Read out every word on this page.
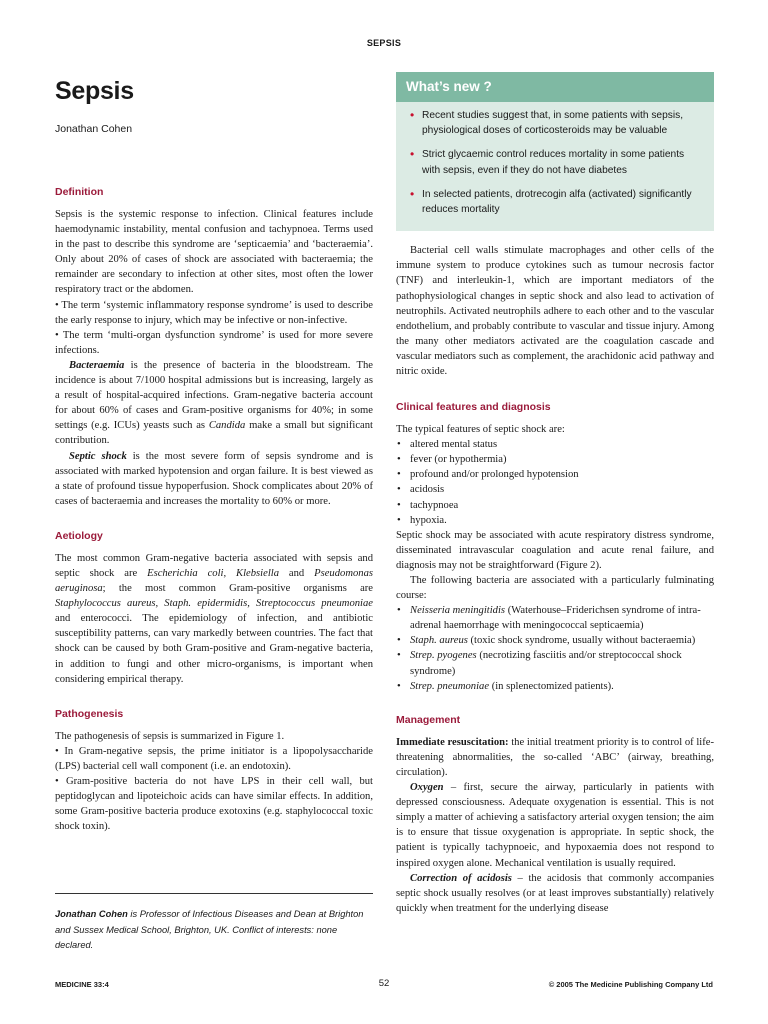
SEPSIS
Sepsis
Jonathan Cohen
Definition

Sepsis is the systemic response to infection. Clinical features include haemodynamic instability, mental confusion and tachypnoea. Terms used in the past to describe this syndrome are ‘septicaemia’ and ‘bacteraemia’. Only about 20% of cases of shock are associated with bacteraemia; the remainder are secondary to infection at other sites, most often the lower respiratory tract or the abdomen.

• The term ‘systemic inflammatory response syndrome’ is used to describe the early response to injury, which may be infective or non-infective.

• The term ‘multi-organ dysfunction syndrome’ is used for more severe infections.

Bacteraemia is the presence of bacteria in the bloodstream. The incidence is about 7/1000 hospital admissions but is increasing, largely as a result of hospital-acquired infections. Gram-negative bacteria account for about 60% of cases and Gram-positive organisms for 40%; in some settings (e.g. ICUs) yeasts such as Candida make a small but significant contribution.

Septic shock is the most severe form of sepsis syndrome and is associated with marked hypotension and organ failure. It is best viewed as a state of profound tissue hypoperfusion. Shock complicates about 20% of cases of bacteraemia and increases the mortality to 60% or more.

Aetiology

The most common Gram-negative bacteria associated with sepsis and septic shock are Escherichia coli, Klebsiella and Pseudomonas aeruginosa; the most common Gram-positive organisms are Staphylococcus aureus, Staph. epidermidis, Streptococcus pneumoniae and enterococci. The epidemiology of infection, and antibiotic susceptibility patterns, can vary markedly between countries. The fact that shock can be caused by both Gram-positive and Gram-negative bacteria, in addition to fungi and other micro-organisms, is important when considering empirical therapy.

Pathogenesis

The pathogenesis of sepsis is summarized in Figure 1.

• In Gram-negative sepsis, the prime initiator is a lipopolysaccharide (LPS) bacterial cell wall component (i.e. an endotoxin).

• Gram-positive bacteria do not have LPS in their cell wall, but peptidoglycan and lipoteichoic acids can have similar effects. In addition, some Gram-positive bacteria produce exotoxins (e.g. staphylococcal toxic shock toxin).

Jonathan Cohen is Professor of Infectious Diseases and Dean at Brighton and Sussex Medical School, Brighton, UK. Conflict of interests: none declared.
What’s new ?
• Recent studies suggest that, in some patients with sepsis, physiological doses of corticosteroids may be valuable
• Strict glycaemic control reduces mortality in some patients with sepsis, even if they do not have diabetes
• In selected patients, drotrecogin alfa (activated) significantly reduces mortality

Bacterial cell walls stimulate macrophages and other cells of the immune system to produce cytokines such as tumour necrosis factor (TNF) and interleukin-1, which are important mediators of the pathophysiological changes in septic shock and also lead to activation of neutrophils. Activated neutrophils adhere to each other and to the vascular endothelium, and probably contribute to vascular and tissue injury. Among the many other mediators activated are the coagulation cascade and vascular mediators such as complement, the arachidonic acid pathway and nitric oxide.

Clinical features and diagnosis

The typical features of septic shock are:

• altered mental status
• fever (or hypothermia)
• profound and/or prolonged hypotension
• acidosis
• tachypnoea
• hypoxia.

Septic shock may be associated with acute respiratory distress syndrome, disseminated intravascular coagulation and acute renal failure, and diagnosis may not be straightforward (Figure 2).

The following bacteria are associated with a particularly fulminating course:

• Neisseria meningitidis (Waterhouse–Friderichsen syndrome of intra-adrenal haemorrhage with meningococcal septicaemia)
• Staph. aureus (toxic shock syndrome, usually without bacteraemia)
• Strep. pyogenes (necrotizing fasciitis and/or streptococcal shock syndrome)
• Strep. pneumoniae (in splenectomized patients).
Management

Immediate resuscitation: the initial treatment priority is to control of life-threatening abnormalities, the so-called ‘ABC’ (airway, breathing, circulation).

Oxygen – first, secure the airway, particularly in patients with depressed consciousness. Adequate oxygenation is essential. This is not simply a matter of achieving a satisfactory arterial oxygen tension; the aim is to ensure that tissue oxygenation is appropriate. In septic shock, the patient is typically tachypnoeic, and hypoxaemia does not respond to inspired oxygen alone. Mechanical ventilation is usually required.

Correction of acidosis – the acidosis that commonly accompanies septic shock usually resolves (or at least improves substantially) relatively quickly when treatment for the underlying disease

MEDICINE 33:4	52	© 2005 The Medicine Publishing Company Ltd
